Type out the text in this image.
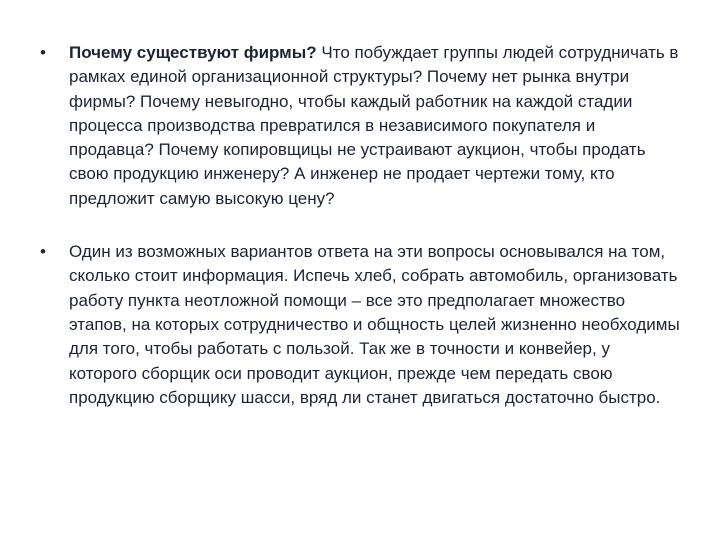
• Почему существуют фирмы? Что побуждает группы людей сотрудничать в рамках единой организационной структуры? Почему нет рынка внутри фирмы? Почему невыгодно, чтобы каждый работник на каждой стадии процесса производства превратился в независимого покупателя и продавца? Почему копировщицы не устраивают аукцион, чтобы продать свою продукцию инженеру? А инженер не продает чертежи тому, кто предложит самую высокую цену?
• Один из возможных вариантов ответа на эти вопросы основывался на том, сколько стоит информация. Испечь хлеб, собрать автомобиль, организовать работу пункта неотложной помощи – все это предполагает множество этапов, на которых сотрудничество и общность целей жизненно необходимы для того, чтобы работать с пользой. Так же в точности и конвейер, у которого сборщик оси проводит аукцион, прежде чем передать свою продукцию сборщику шасси, вряд ли станет двигаться достаточно быстро.
